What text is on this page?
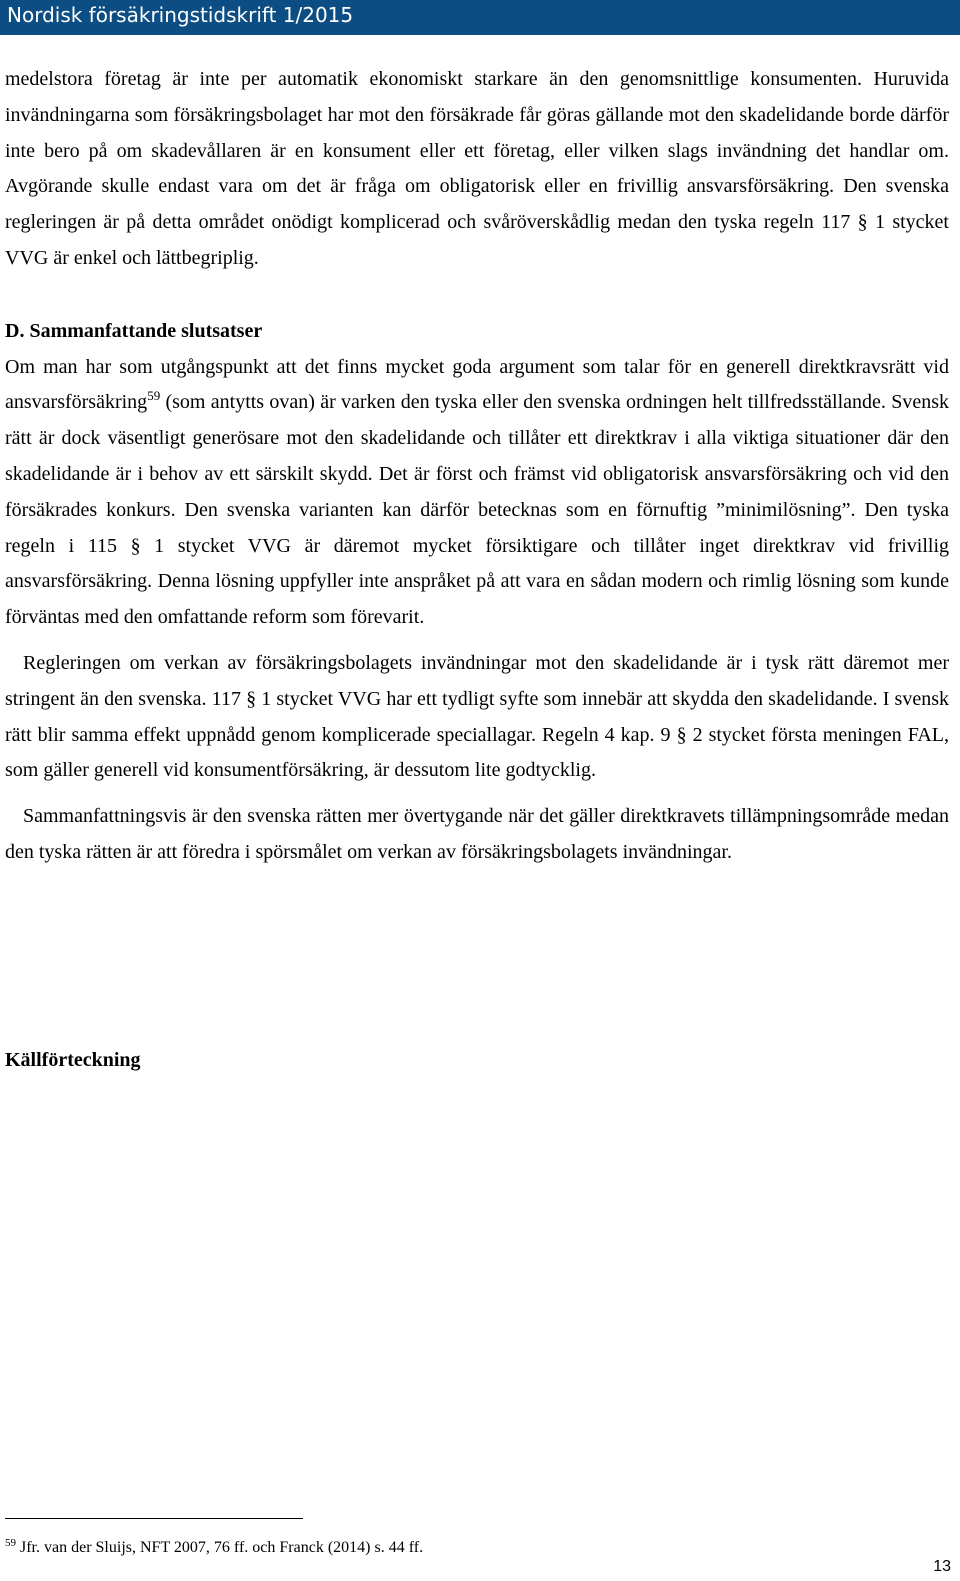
Nordisk försäkringstidskrift 1/2015

medelstora företag är inte per automatik ekonomiskt starkare än den genomsnittlige konsumenten. Huruvida invändningarna som försäkringsbolaget har mot den försäkrade får göras gällande mot den skadelidande borde därför inte bero på om skadevållaren är en konsument eller ett företag, eller vilken slags invändning det handlar om. Avgörande skulle endast vara om det är fråga om obligatorisk eller en frivillig ansvarsförsäkring. Den svenska regleringen är på detta området onödigt komplicerad och svåröverskådlig medan den tyska regeln 117 § 1 stycket VVG är enkel och lättbegriplig.

D. Sammanfattande slutsatser

Om man har som utgångspunkt att det finns mycket goda argument som talar för en generell direktkravsrätt vid ansvarsförsäkring$^{59}$ (som antytts ovan) är varken den tyska eller den svenska ordningen helt tillfredsställande. Svensk rätt är dock väsentligt generösare mot den skadelidande och tillåter ett direktkrav i alla viktiga situationer där den skadelidande är i behov av ett särskilt skydd. Det är först och främst vid obligatorisk ansvarsförsäkring och vid den försäkrades konkurs. Den svenska varianten kan därför betecknas som en förnuftig ”minimilösning”. Den tyska regeln i 115 § 1 stycket VVG är däremot mycket försiktigare och tillåter inget direktkrav vid frivillig ansvarsförsäkring. Denna lösning uppfyller inte anspråket på att vara en sådan modern och rimlig lösning som kunde förväntas med den omfattande reform som förevarit.

Regleringen om verkan av försäkringsbolagets invändningar mot den skadelidande är i tysk rätt däremot mer stringent än den svenska. 117 § 1 stycket VVG har ett tydligt syfte som innebär att skydda den skadelidande. I svensk rätt blir samma effekt uppnådd genom komplicerade speciallagar. Regeln 4 kap. 9 § 2 stycket första meningen FAL, som gäller generell vid konsumentförsäkring, är dessutom lite godtycklig.

Sammanfattningsvis är den svenska rätten mer övertygande när det gäller direktkravets tillämpningsområde medan den tyska rätten är att föredra i spörsmålet om verkan av försäkringsbolagets invändningar.

Källförteckning

$^{59}$ Jfr. van der Sluijs, NFT 2007, 76 ff. och Franck (2014) s. 44 ff.
13
